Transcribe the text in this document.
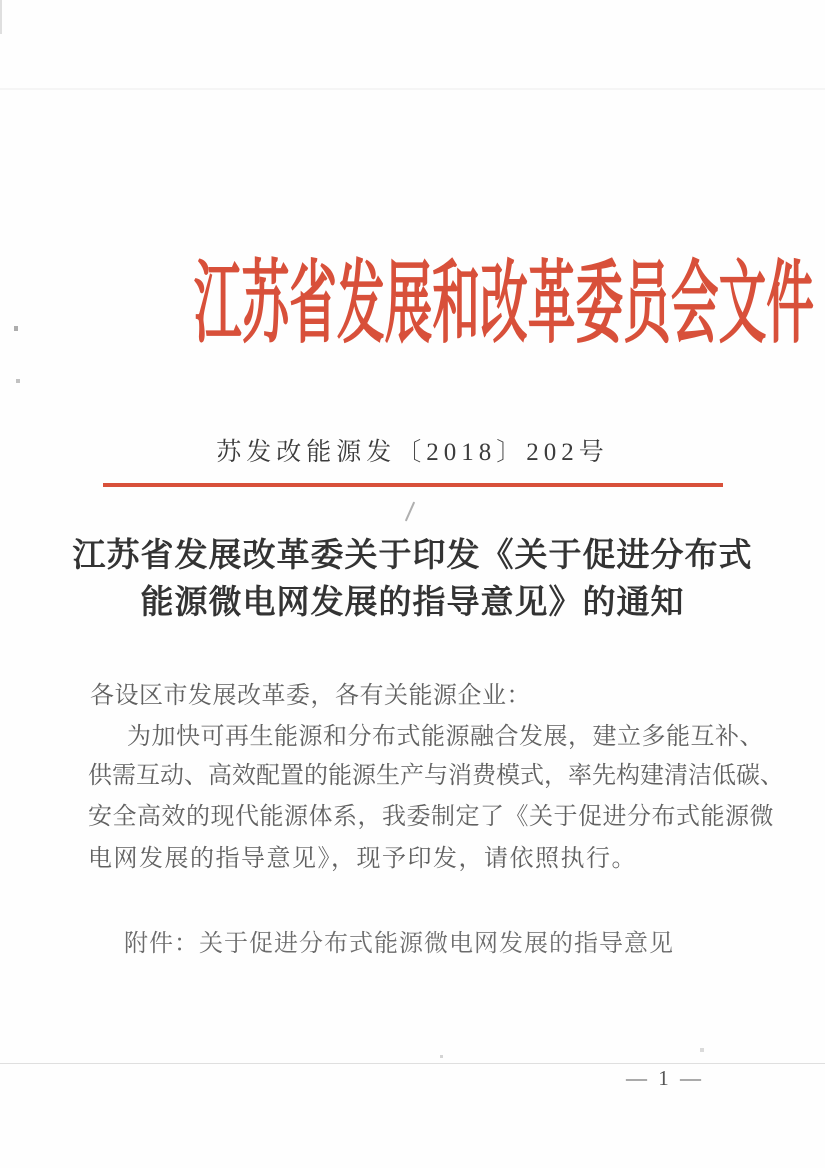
江苏省发展和改革委员会文件
苏发改能源发〔2018〕202号
江苏省发展改革委关于印发《关于促进分布式
能源微电网发展的指导意见》的通知
各设区市发展改革委，各有关能源企业：
为加快可再生能源和分布式能源融合发展，建立多能互补、
供需互动、高效配置的能源生产与消费模式，率先构建清洁低碳、
安全高效的现代能源体系，我委制定了《关于促进分布式能源微
电网发展的指导意见》，现予印发，请依照执行。
附件：关于促进分布式能源微电网发展的指导意见
— 1 —
